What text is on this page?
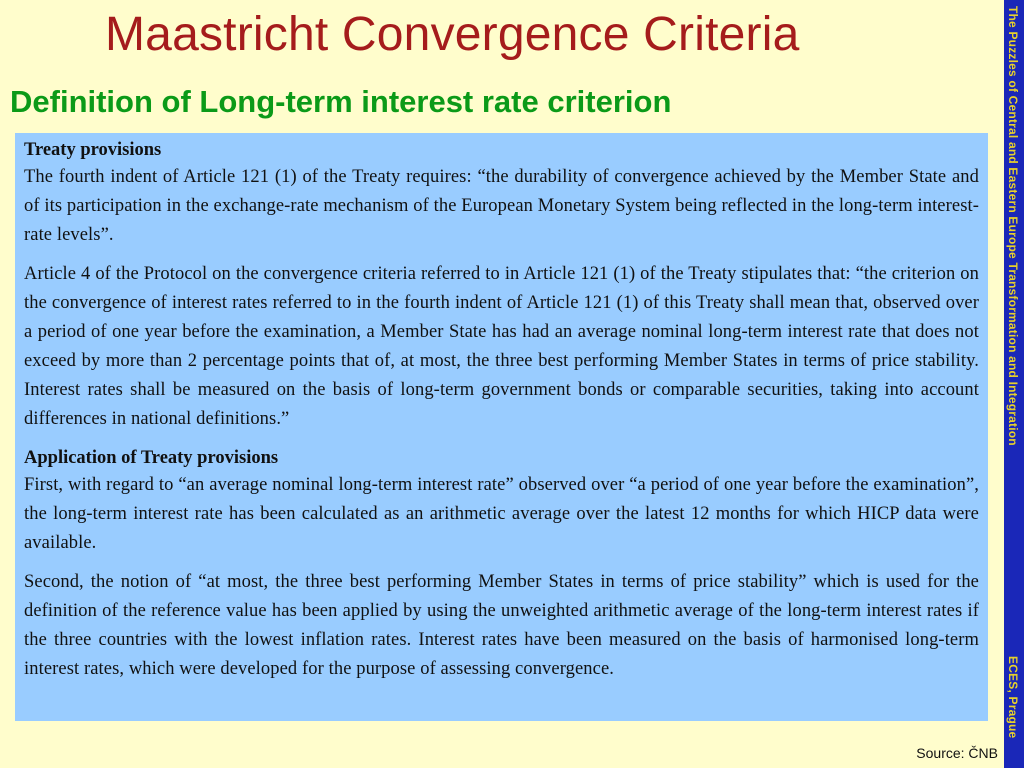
Maastricht Convergence Criteria
Definition of Long-term interest rate criterion
Treaty provisions

The fourth indent of Article 121 (1) of the Treaty requires: “the durability of convergence achieved by the Member State and of its participation in the exchange-rate mechanism of the European Monetary System being reflected in the long-term interest-rate levels”.

Article 4 of the Protocol on the convergence criteria referred to in Article 121 (1) of the Treaty stipulates that: “the criterion on the convergence of interest rates referred to in the fourth indent of Article 121 (1) of this Treaty shall mean that, observed over a period of one year before the examination, a Member State has had an average nominal long-term interest rate that does not exceed by more than 2 percentage points that of, at most, the three best performing Member States in terms of price stability. Interest rates shall be measured on the basis of long-term government bonds or comparable securities, taking into account differences in national definitions.”

Application of Treaty provisions

First, with regard to “an average nominal long-term interest rate” observed over “a period of one year before the examination”, the long-term interest rate has been calculated as an arithmetic average over the latest 12 months for which HICP data were available.

Second, the notion of “at most, the three best performing Member States in terms of price stability” which is used for the definition of the reference value has been applied by using the unweighted arithmetic average of the long-term interest rates if the three countries with the lowest inflation rates. Interest rates have been measured on the basis of harmonised long-term interest rates, which were developed for the purpose of assessing convergence.

The Puzzles of Central and Eastern Europe Transformation and Integration
ECES, Prague
Source: ČNB
